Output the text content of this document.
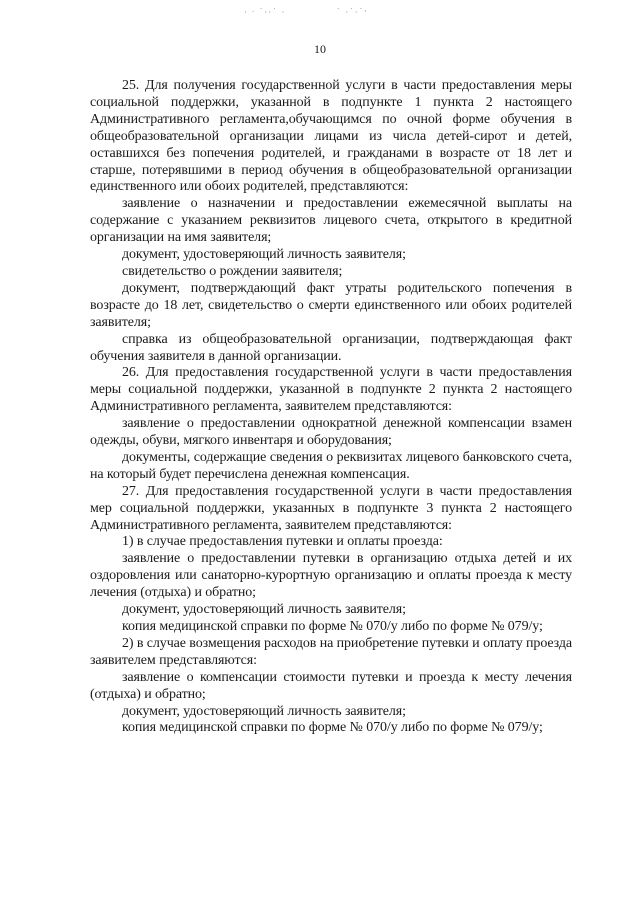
· ᐧ ˙··˙ ·	˙ ·˙·˙ˑ
10

25. Для получения государственной услуги в части предоставления меры социальной поддержки, указанной в подпункте 1 пункта 2 настоящего Административного регламента,обучающимся по очной форме обучения в общеобразовательной организации лицами из числа детей-сирот и детей, оставшихся без попечения родителей, и гражданами в возрасте от 18 лет и старше, потерявшими в период обучения в общеобразовательной организации единственного или обоих родителей, представляются:

заявление о назначении и предоставлении ежемесячной выплаты на содержание с указанием реквизитов лицевого счета, открытого в кредитной организации на имя заявителя;

документ, удостоверяющий личность заявителя;

свидетельство о рождении заявителя;

документ, подтверждающий факт утраты родительского попечения в возрасте до 18 лет, свидетельство о смерти единственного или обоих родителей заявителя;

справка из общеобразовательной организации, подтверждающая факт обучения заявителя в данной организации.

26. Для предоставления государственной услуги в части предоставления меры социальной поддержки, указанной в подпункте 2 пункта 2 настоящего Административного регламента, заявителем представляются:

заявление о предоставлении однократной денежной компенсации взамен одежды, обуви, мягкого инвентаря и оборудования;

документы, содержащие сведения о реквизитах лицевого банковского счета, на который будет перечислена денежная компенсация.

27. Для предоставления государственной услуги в части предоставления мер социальной поддержки, указанных в подпункте 3 пункта 2 настоящего Административного регламента, заявителем представляются:

1) в случае предоставления путевки и оплаты проезда:

заявление о предоставлении путевки в организацию отдыха детей и их оздоровления или санаторно-курортную организацию и оплаты проезда к месту лечения (отдыха) и обратно;

документ, удостоверяющий личность заявителя;

копия медицинской справки по форме № 070/у либо по форме № 079/у;

2) в случае возмещения расходов на приобретение путевки и оплату проезда заявителем представляются:

заявление о компенсации стоимости путевки и проезда к месту лечения (отдыха) и обратно;

документ, удостоверяющий личность заявителя;

копия медицинской справки по форме № 070/у либо по форме № 079/у;
